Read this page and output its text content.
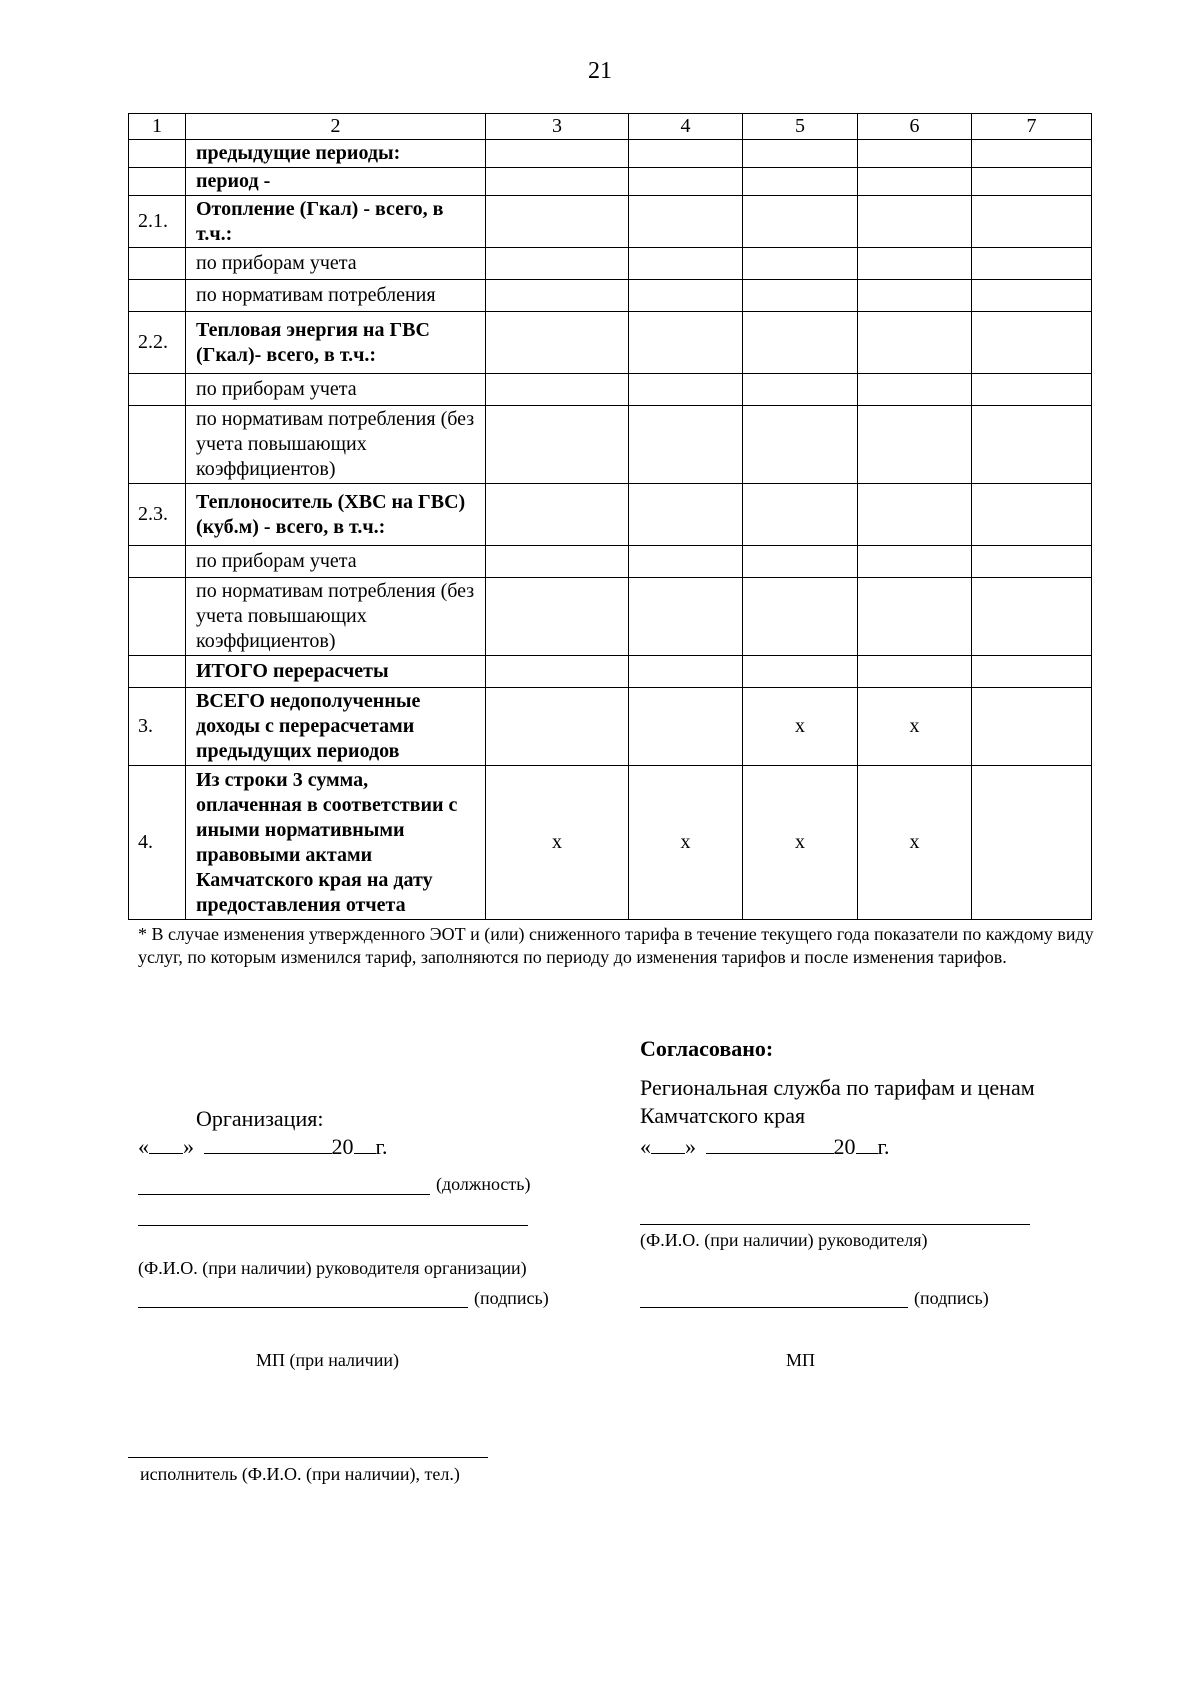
21
1	2	3	4	5	6	7
	предыдущие периоды:					
	период -					
2.1.	Отопление (Гкал) - всего, в т.ч.:					
	по приборам учета					
	по нормативам потребления					
2.2.	Тепловая энергия на ГВС (Гкал)- всего, в т.ч.:					
	по приборам учета					
	по нормативам потребления (без учета повышающих коэффициентов)					
2.3.	Теплоноситель (ХВС на ГВС) (куб.м) - всего, в т.ч.:					
	по приборам учета					
	по нормативам потребления (без учета повышающих коэффициентов)					
	ИТОГО перерасчеты					
3.	ВСЕГО недополученные доходы с перерасчетами предыдущих периодов			х	х	
4.	Из строки 3 сумма, оплаченная в соответствии с иными нормативными правовыми актами Камчатского края на дату предоставления отчета	х	х	х	х	
* В случае изменения утвержденного ЭОТ и (или) сниженного тарифа в течение текущего года показатели по каждому виду услуг, по которым изменился тариф, заполняются по периоду до изменения тарифов и после изменения тарифов.
Согласовано:
Региональная служба по тарифам и ценам
Камчатского края
« »	20 г.
(Ф.И.О. (при наличии) руководителя)
(подпись)
МП
Организация:
« »	20 г.
(должность)
(Ф.И.О. (при наличии) руководителя организации)
(подпись)
МП (при наличии)
исполнитель (Ф.И.О. (при наличии), тел.)
